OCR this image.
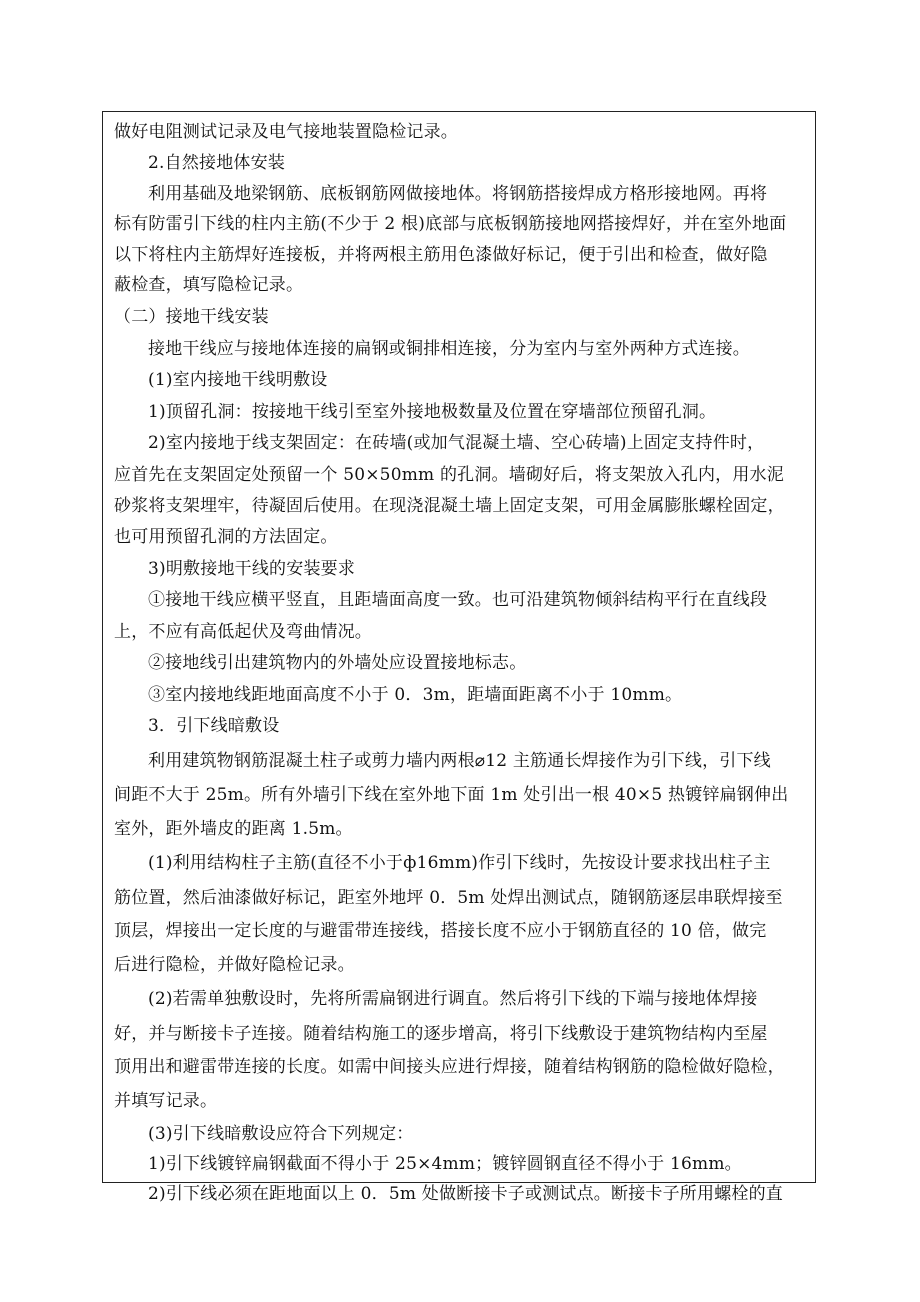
做好电阻测试记录及电气接地装置隐检记录。
2.自然接地体安装
利用基础及地梁钢筋、底板钢筋网做接地体。将钢筋搭接焊成方格形接地网。再将
标有防雷引下线的柱内主筋(不少于 2 根)底部与底板钢筋接地网搭接焊好，并在室外地面
以下将柱内主筋焊好连接板，并将两根主筋用色漆做好标记，便于引出和检查，做好隐
蔽检查，填写隐检记录。
（二）接地干线安装
接地干线应与接地体连接的扁钢或铜排相连接，分为室内与室外两种方式连接。
(1)室内接地干线明敷设
1)顶留孔洞：按接地干线引至室外接地极数量及位置在穿墙部位预留孔洞。
2)室内接地于线支架固定：在砖墙(或加气混凝土墙、空心砖墙)上固定支持件时，
应首先在支架固定处预留一个 50×50mm 的孔洞。墙砌好后，将支架放入孔内，用水泥
砂浆将支架埋牢，待凝固后使用。在现浇混凝土墙上固定支架，可用金属膨胀螺栓固定，
也可用预留孔洞的方法固定。
3)明敷接地干线的安装要求
①接地干线应横平竖直，且距墙面高度一致。也可沿建筑物倾斜结构平行在直线段
上，不应有高低起伏及弯曲情况。
②接地线引出建筑物内的外墙处应设置接地标志。
③室内接地线距地面高度不小于 0．3m，距墙面距离不小于 10mm。
3．引下线暗敷设
利用建筑物钢筋混凝土柱子或剪力墙内两根⌀12 主筋通长焊接作为引下线，引下线
间距不大于 25m。所有外墙引下线在室外地下面 1m 处引出一根 40×5 热镀锌扁钢伸出
室外，距外墙皮的距离 1.5m。
(1)利用结构柱子主筋(直径不小于ф16mm)作引下线时，先按设计要求找出柱子主
筋位置，然后油漆做好标记，距室外地坪 0．5m 处焊出测试点，随钢筋逐层串联焊接至
顶层，焊接出一定长度的与避雷带连接线，搭接长度不应小于钢筋直径的 10 倍，做完
后进行隐检，并做好隐检记录。
(2)若需单独敷设时，先将所需扁钢进行调直。然后将引下线的下端与接地体焊接
好，并与断接卡子连接。随着结构施工的逐步增高，将引下线敷设于建筑物结构内至屋
顶用出和避雷带连接的长度。如需中间接头应进行焊接，随着结构钢筋的隐检做好隐检，
并填写记录。
(3)引下线暗敷设应符合下列规定：
1)引下线镀锌扁钢截面不得小于 25×4mm；镀锌圆钢直径不得小于 16mm。
2)引下线必须在距地面以上 0．5m 处做断接卡子或测试点。断接卡子所用螺栓的直
